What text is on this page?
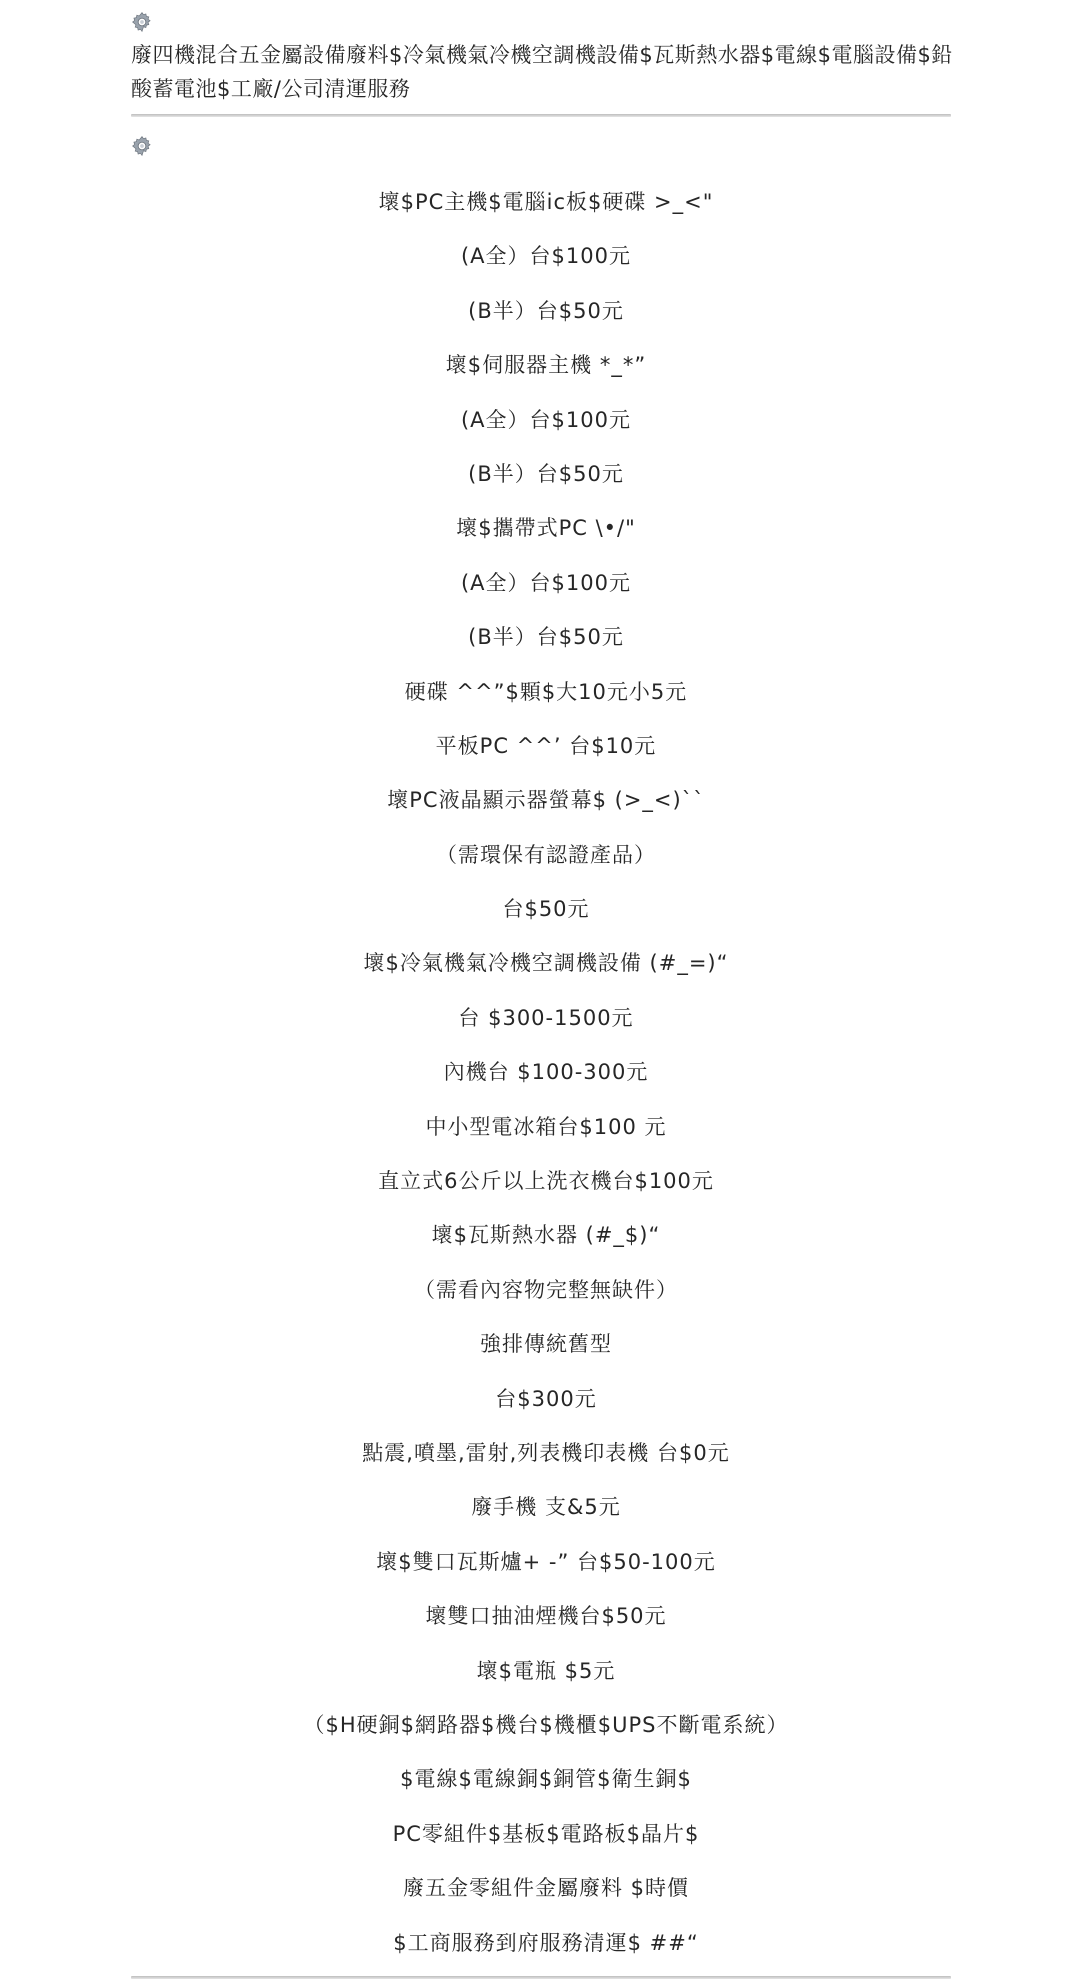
廢四機混合五金屬設備廢料$冷氣機氣冷機空調機設備$瓦斯熱水器$電線$電腦設備$鉛酸蓄電池$工廠/公司清運服務
壞$PC主機$電腦ic板$硬碟 >_<"
(A全）台$100元
(B半）台$50元
壞$伺服器主機 *_*”
(A全）台$100元
(B半）台$50元
壞$攜帶式PC \•/"
(A全）台$100元
(B半）台$50元
硬碟 ^^”$顆$大10元小5元
平板PC ^^’ 台$10元
壞PC液晶顯示器螢幕$ (>_<)``
（需環保有認證產品）
台$50元
壞$冷氣機氣冷機空調機設備 (#_=)“
台 $300-1500元
內機台 $100-300元
中小型電冰箱台$100 元
直立式6公斤以上洗衣機台$100元
壞$瓦斯熱水器 (#_$)“
（需看內容物完整無缺件）
強排傳統舊型
台$300元
點震,噴墨,雷射,列表機印表機 台$0元
廢手機 支&5元
壞$雙口瓦斯爐+ -” 台$50-100元
壞雙口抽油煙機台$50元
壞$電瓶 $5元
（$H硬銅$網路器$機台$機櫃$UPS不斷電系統）
$電線$電線銅$銅管$衛生銅$
PC零組件$基板$電路板$晶片$
廢五金零組件金屬廢料 $時價
$工商服務到府服務清運$ ##“
